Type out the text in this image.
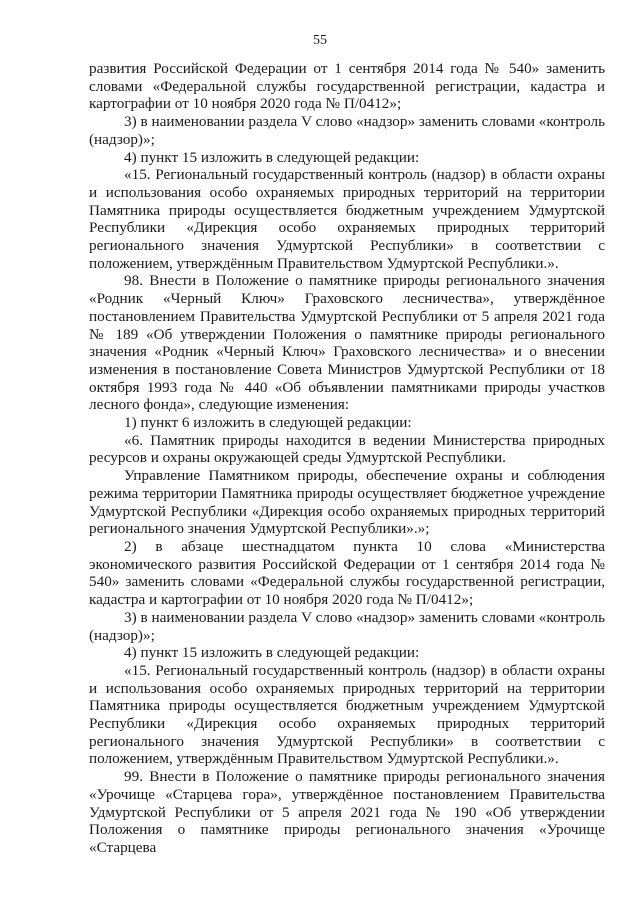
55

развития Российской Федерации от 1 сентября 2014 года № 540» заменить словами «Федеральной службы государственной регистрации, кадастра и картографии от 10 ноября 2020 года № П/0412»;

3) в наименовании раздела V слово «надзор» заменить словами «контроль (надзор)»;

4) пункт 15 изложить в следующей редакции:

«15. Региональный государственный контроль (надзор) в области охраны и использования особо охраняемых природных территорий на территории Памятника природы осуществляется бюджетным учреждением Удмуртской Республики «Дирекция особо охраняемых природных территорий регионального значения Удмуртской Республики» в соответствии с положением, утверждённым Правительством Удмуртской Республики.».

98. Внести в Положение о памятнике природы регионального значения «Родник «Черный Ключ» Граховского лесничества», утверждённое постановлением Правительства Удмуртской Республики от 5 апреля 2021 года № 189 «Об утверждении Положения о памятнике природы регионального значения «Родник «Черный Ключ» Граховского лесничества» и о внесении изменения в постановление Совета Министров Удмуртской Республики от 18 октября 1993 года № 440 «Об объявлении памятниками природы участков лесного фонда», следующие изменения:

1) пункт 6 изложить в следующей редакции:

«6. Памятник природы находится в ведении Министерства природных ресурсов и охраны окружающей среды Удмуртской Республики.

Управление Памятником природы, обеспечение охраны и соблюдения режима территории Памятника природы осуществляет бюджетное учреждение Удмуртской Республики «Дирекция особо охраняемых природных территорий регионального значения Удмуртской Республики».»;

2) в абзаце шестнадцатом пункта 10 слова «Министерства экономического развития Российской Федерации от 1 сентября 2014 года № 540» заменить словами «Федеральной службы государственной регистрации, кадастра и картографии от 10 ноября 2020 года № П/0412»;

3) в наименовании раздела V слово «надзор» заменить словами «контроль (надзор)»;

4) пункт 15 изложить в следующей редакции:

«15. Региональный государственный контроль (надзор) в области охраны и использования особо охраняемых природных территорий на территории Памятника природы осуществляется бюджетным учреждением Удмуртской Республики «Дирекция особо охраняемых природных территорий регионального значения Удмуртской Республики» в соответствии с положением, утверждённым Правительством Удмуртской Республики.».

99. Внести в Положение о памятнике природы регионального значения «Урочище «Старцева гора», утверждённое постановлением Правительства Удмуртской Республики от 5 апреля 2021 года № 190 «Об утверждении Положения о памятнике природы регионального значения «Урочище «Старцева
